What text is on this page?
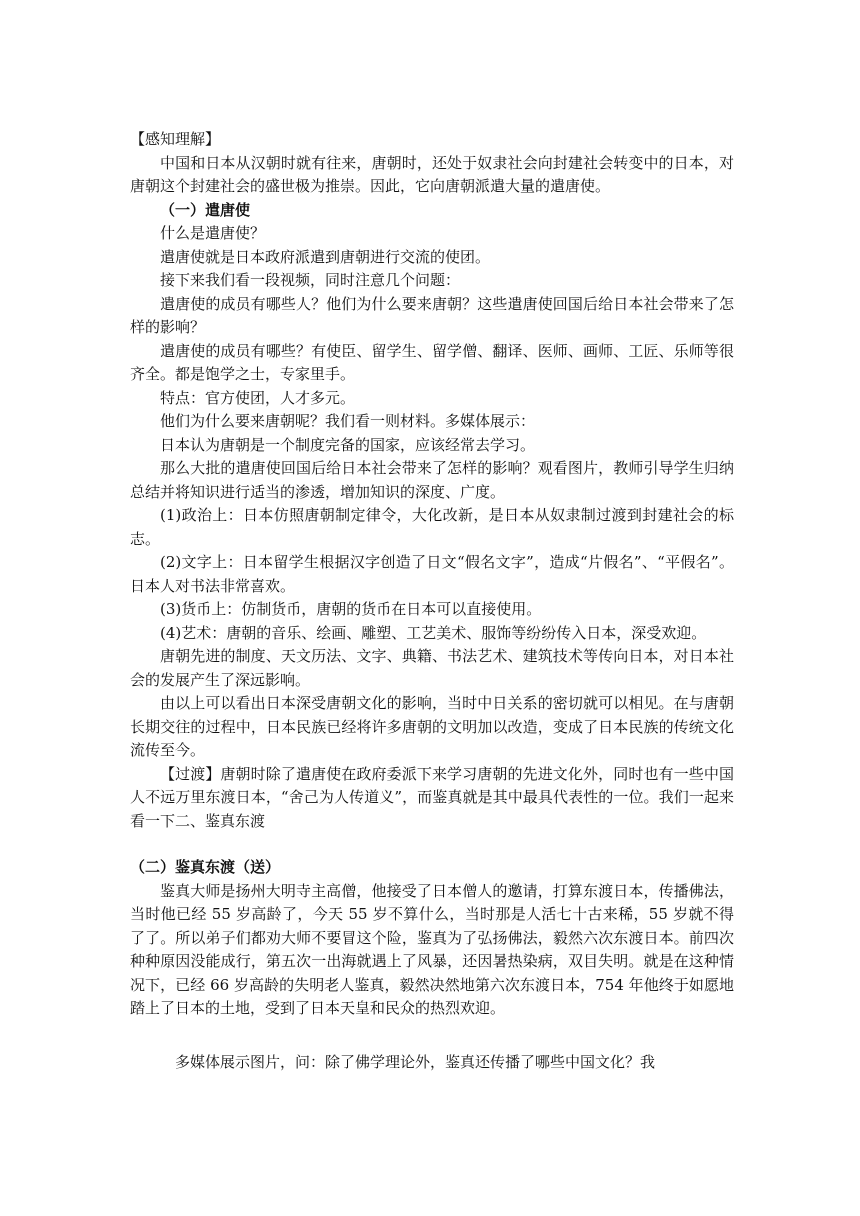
【感知理解】

中国和日本从汉朝时就有往来，唐朝时，还处于奴隶社会向封建社会转变中的日本，对唐朝这个封建社会的盛世极为推崇。因此，它向唐朝派遣大量的遣唐使。

（一）遣唐使

什么是遣唐使？

遣唐使就是日本政府派遣到唐朝进行交流的使团。

接下来我们看一段视频，同时注意几个问题：

遣唐使的成员有哪些人？他们为什么要来唐朝？这些遣唐使回国后给日本社会带来了怎样的影响？

遣唐使的成员有哪些？有使臣、留学生、留学僧、翻译、医师、画师、工匠、乐师等很齐全。都是饱学之士，专家里手。

特点：官方使团，人才多元。

他们为什么要来唐朝呢？我们看一则材料。多媒体展示：

日本认为唐朝是一个制度完备的国家，应该经常去学习。

那么大批的遣唐使回国后给日本社会带来了怎样的影响？观看图片，教师引导学生归纳总结并将知识进行适当的渗透，增加知识的深度、广度。

(1)政治上：日本仿照唐朝制定律令，大化改新，是日本从奴隶制过渡到封建社会的标志。

(2)文字上：日本留学生根据汉字创造了日文“假名文字”，造成“片假名”、“平假名”。日本人对书法非常喜欢。

(3)货币上：仿制货币，唐朝的货币在日本可以直接使用。

(4)艺术：唐朝的音乐、绘画、雕塑、工艺美术、服饰等纷纷传入日本，深受欢迎。

唐朝先进的制度、天文历法、文字、典籍、书法艺术、建筑技术等传向日本，对日本社会的发展产生了深远影响。

由以上可以看出日本深受唐朝文化的影响，当时中日关系的密切就可以相见。在与唐朝长期交往的过程中，日本民族已经将许多唐朝的文明加以改造，变成了日本民族的传统文化流传至今。

【过渡】唐朝时除了遣唐使在政府委派下来学习唐朝的先进文化外，同时也有一些中国人不远万里东渡日本，“舍己为人传道义”，而鉴真就是其中最具代表性的一位。我们一起来看一下二、鉴真东渡

（二）鉴真东渡（送）

鉴真大师是扬州大明寺主高僧，他接受了日本僧人的邀请，打算东渡日本，传播佛法，当时他已经 55 岁高龄了，今天 55 岁不算什么，当时那是人活七十古来稀，55 岁就不得了了。所以弟子们都劝大师不要冒这个险，鉴真为了弘扬佛法，毅然六次东渡日本。前四次种种原因没能成行，第五次一出海就遇上了风暴，还因暑热染病，双目失明。就是在这种情况下，已经 66 岁高龄的失明老人鉴真，毅然决然地第六次东渡日本，754 年他终于如愿地踏上了日本的土地，受到了日本天皇和民众的热烈欢迎。

多媒体展示图片，问：除了佛学理论外，鉴真还传播了哪些中国文化？我
